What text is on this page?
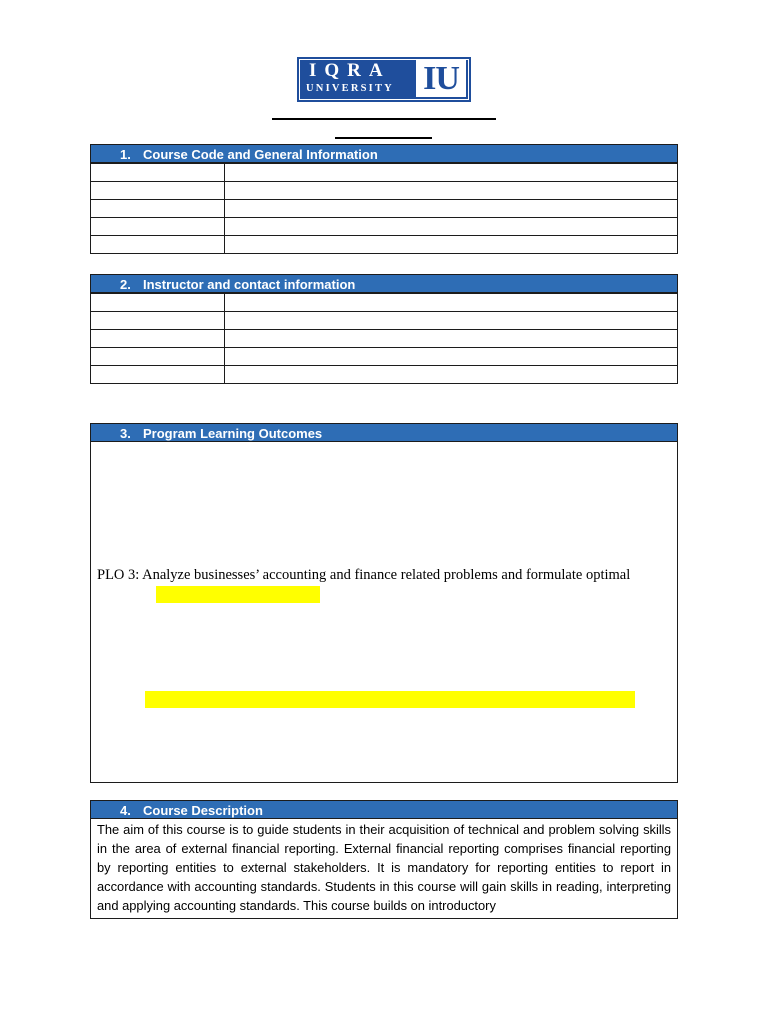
IQRA
UNIVERSITY IU
1. Course Code and General Information

2. Instructor and contact information

3. Program Learning Outcomes
PLO 3: Analyze businesses’ accounting and finance related problems and formulate optimal
4. Course Description
The aim of this course is to guide students in their acquisition of technical and problem solving skills in the area of external financial reporting. External financial reporting comprises financial reporting by reporting entities to external stakeholders. It is mandatory for reporting entities to report in accordance with accounting standards. Students in this course will gain skills in reading, interpreting and applying accounting standards. This course builds on introductory
